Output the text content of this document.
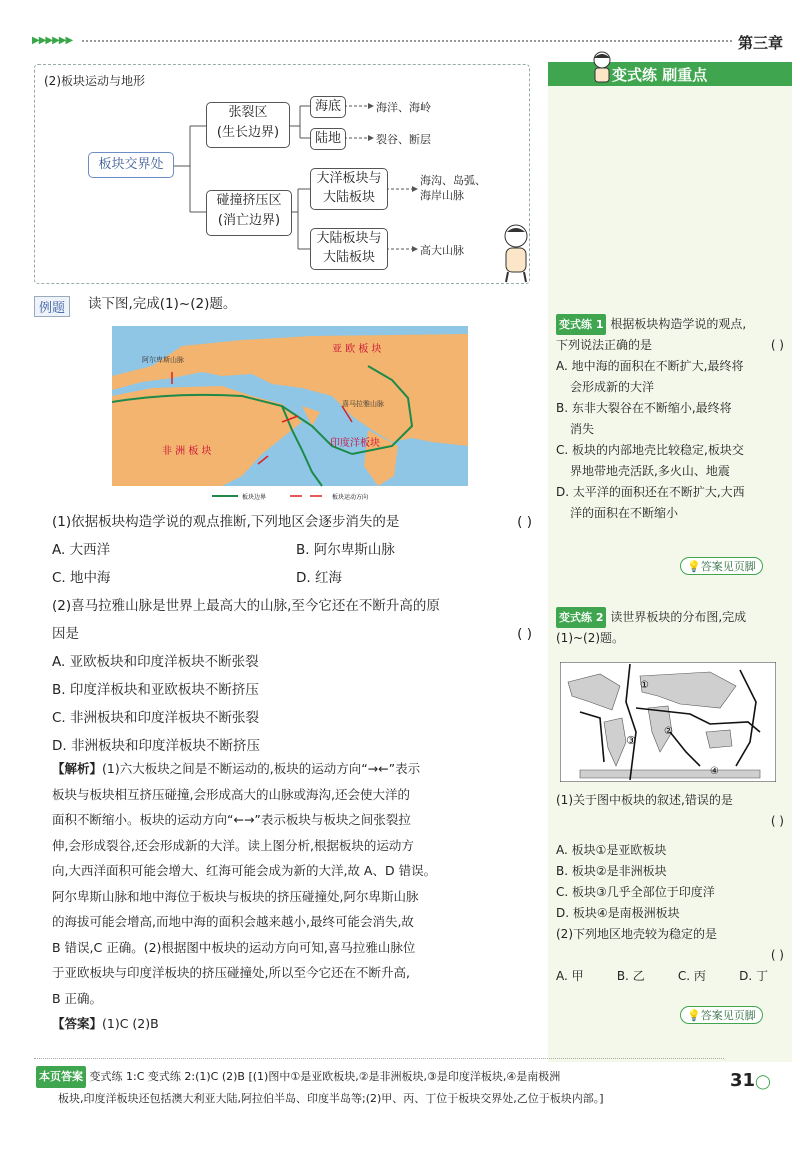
▶▶▶▶▶▶	第三章
(2)板块运动与地形
板块交界处
张裂区
(生长边界)
碰撞挤压区
(消亡边界)
海底
陆地
海洋、海岭
裂谷、断层
大洋板块与
大陆板块
大陆板块与
大陆板块
海沟、岛弧、
海岸山脉
高大山脉
变式练 刷重点
变式练 1 根据板块构造学说的观点,
下列说法正确的是	( )
A. 地中海的面积在不断扩大,最终将
会形成新的大洋
B. 东非大裂谷在不断缩小,最终将
消失
C. 板块的内部地壳比较稳定,板块交
界地带地壳活跃,多火山、地震
D. 太平洋的面积还在不断扩大,大西
洋的面积在不断缩小
💡答案见页脚
变式练 2 读世界板块的分布图,完成
(1)~(2)题。
①
②
③
④
(1)关于图中板块的叙述,错误的是
( )
A. 板块①是亚欧板块
B. 板块②是非洲板块
C. 板块③几乎全部位于印度洋
D. 板块④是南极洲板块
(2)下列地区地壳较为稳定的是
( )
A. 甲	B. 乙	C. 丙	D. 丁
💡答案见页脚
例题	读下图,完成(1)~(2)题。
亚 欧 板 块
非 洲 板 块
印度洋板块
阿尔卑斯山脉
喜马拉雅山脉
板块边界	板块运动方向
(1)依据板块构造学说的观点推断,下列地区会逐步消失的是	( )
A. 大西洋	B. 阿尔卑斯山脉
C. 地中海	D. 红海
(2)喜马拉雅山脉是世界上最高大的山脉,至今它还在不断升高的原
因是	( )
A. 亚欧板块和印度洋板块不断张裂
B. 印度洋板块和亚欧板块不断挤压
C. 非洲板块和印度洋板块不断张裂
D. 非洲板块和印度洋板块不断挤压
【解析】(1)六大板块之间是不断运动的,板块的运动方向“→←”表示
板块与板块相互挤压碰撞,会形成高大的山脉或海沟,还会使大洋的
面积不断缩小。板块的运动方向“←→”表示板块与板块之间张裂拉
伸,会形成裂谷,还会形成新的大洋。读上图分析,根据板块的运动方
向,大西洋面积可能会增大、红海可能会成为新的大洋,故 A、D 错误。
阿尔卑斯山脉和地中海位于板块与板块的挤压碰撞处,阿尔卑斯山脉
的海拔可能会增高,而地中海的面积会越来越小,最终可能会消失,故
B 错误,C 正确。(2)根据图中板块的运动方向可知,喜马拉雅山脉位
于亚欧板块与印度洋板块的挤压碰撞处,所以至今它还在不断升高,
B 正确。
【答案】(1)C (2)B
本页答案 变式练 1:C 变式练 2:(1)C (2)B [(1)图中①是亚欧板块,②是非洲板块,③是印度洋板块,④是南极洲
板块,印度洋板块还包括澳大利亚大陆,阿拉伯半岛、印度半岛等;(2)甲、丙、丁位于板块交界处,乙位于板块内部。]
31◯
